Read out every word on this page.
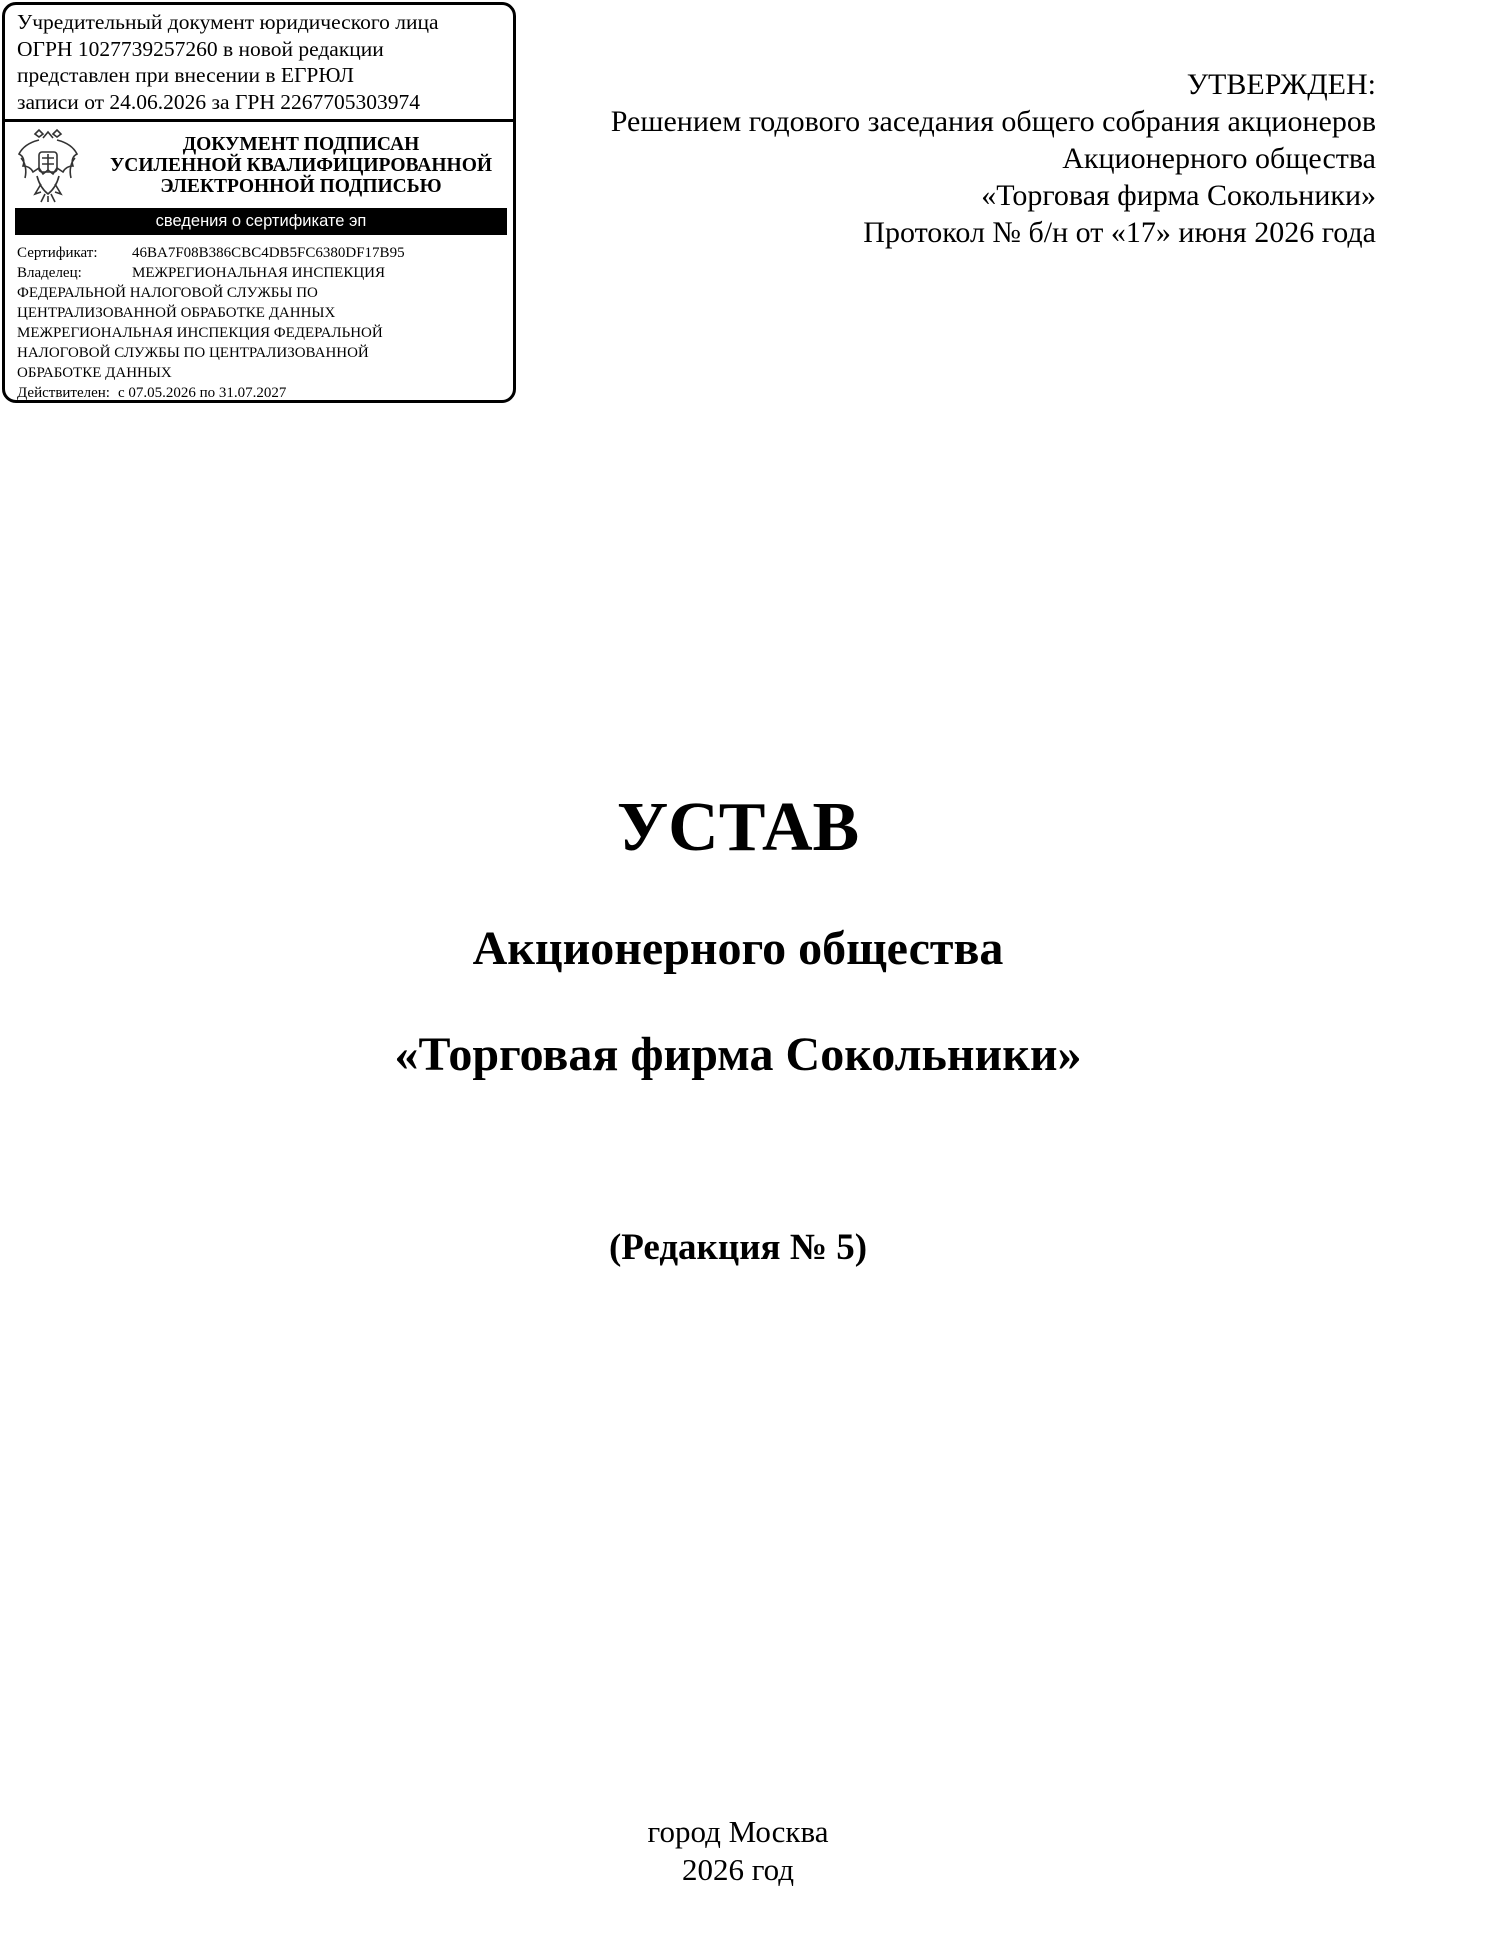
Учредительный документ юридического лица
ОГРН 1027739257260 в новой редакции
представлен при внесении в ЕГРЮЛ
записи от 24.06.2026 за ГРН 2267705303974
ДОКУМЕНТ ПОДПИСАН
УСИЛЕННОЙ КВАЛИФИЦИРОВАННОЙ
ЭЛЕКТРОННОЙ ПОДПИСЬЮ
сведения о сертификате эп
Сертификат: 46BA7F08B386CBC4DB5FC6380DF17B95
Владелец:	МЕЖРЕГИОНАЛЬНАЯ ИНСПЕКЦИЯ
ФЕДЕРАЛЬНОЙ НАЛОГОВОЙ СЛУЖБЫ ПО
ЦЕНТРАЛИЗОВАННОЙ ОБРАБОТКЕ ДАННЫХ
МЕЖРЕГИОНАЛЬНАЯ ИНСПЕКЦИЯ ФЕДЕРАЛЬНОЙ
НАЛОГОВОЙ СЛУЖБЫ ПО ЦЕНТРАЛИЗОВАННОЙ
ОБРАБОТКЕ ДАННЫХ
Действителен: с 07.05.2026 по 31.07.2027
УТВЕРЖДЕН:
Решением годового заседания общего собрания акционеров
Акционерного общества
«Торговая фирма Сокольники»
Протокол № б/н от «17» июня 2026 года
УСТАВ
Акционерного общества
«Торговая фирма Сокольники»
(Редакция № 5)
город Москва
2026 год
